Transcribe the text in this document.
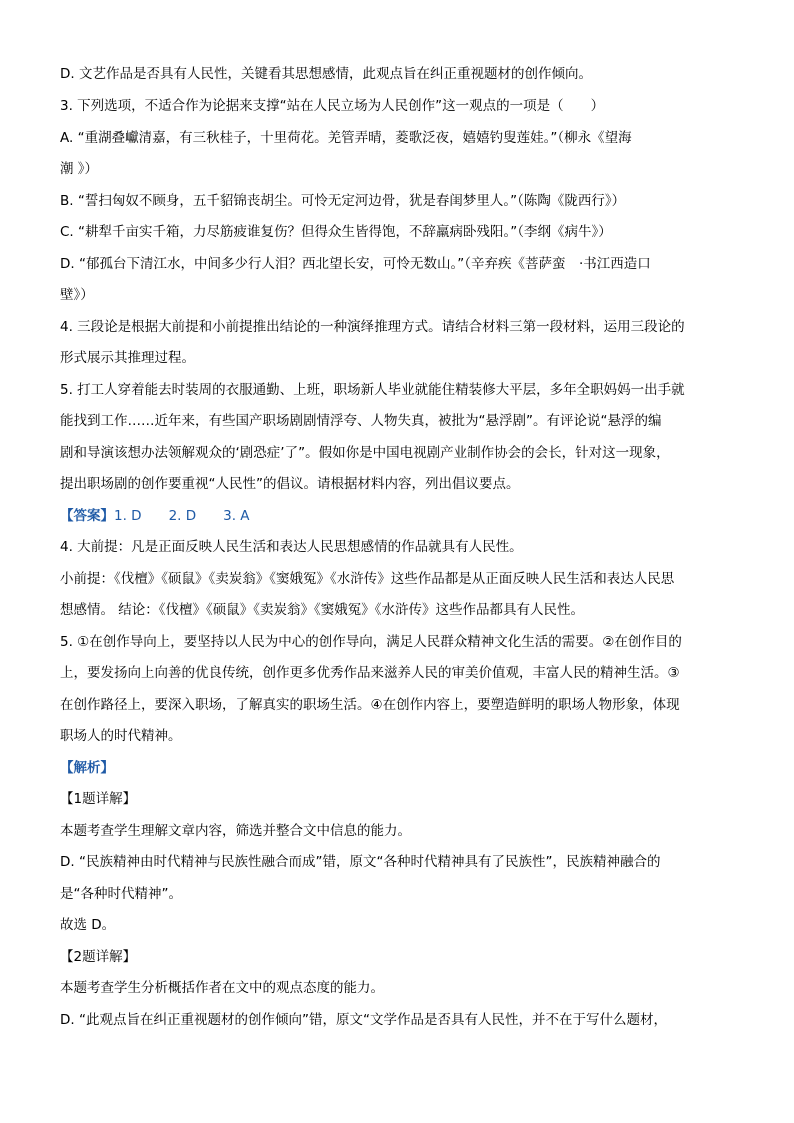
D. 文艺作品是否具有人民性，关键看其思想感情，此观点旨在纠正重视题材的创作倾向。
3. 下列选项，不适合作为论据来支撑“站在人民立场为人民创作”这一观点的一项是（　　）
A. “重湖叠巘清嘉，有三秋桂子，十里荷花。羌管弄晴，菱歌泛夜，嬉嬉钓叟莲娃。”（柳永《望海
潮 》）
B. “誓扫匈奴不顾身，五千貂锦丧胡尘。可怜无定河边骨，犹是春闺梦里人。”（陈陶《陇西行》）
C. “耕犁千亩实千箱，力尽筋疲谁复伤？但得众生皆得饱，不辞羸病卧残阳。”（李纲《病牛》）
D. “郁孤台下清江水，中间多少行人泪？西北望长安，可怜无数山。”（辛弃疾《菩萨蛮　·书江西造口
壁》）
4. 三段论是根据大前提和小前提推出结论的一种演绎推理方式。请结合材料三第一段材料，运用三段论的
形式展示其推理过程。
5. 打工人穿着能去时装周的衣服通勤、上班，职场新人毕业就能住精装修大平层，多年全职妈妈一出手就
能找到工作……近年来，有些国产职场剧剧情浮夸、人物失真，被批为“悬浮剧”。有评论说“悬浮的编
剧和导演该想办法领解观众的‘剧恐症’了”。假如你是中国电视剧产业制作协会的会长，针对这一现象，
提出职场剧的创作要重视“人民性”的倡议。请根据材料内容，列出倡议要点。
【答案】1. D　　2. D　　3. A
4. 大前提：凡是正面反映人民生活和表达人民思想感情的作品就具有人民性。
小前提：《伐檀》《硕鼠》《卖炭翁》《窦娥冤》《水浒传》这些作品都是从正面反映人民生活和表达人民思
想感情。 结论：《伐檀》《硕鼠》《卖炭翁》《窦娥冤》《水浒传》这些作品都具有人民性。
5. ①在创作导向上，要坚持以人民为中心的创作导向，满足人民群众精神文化生活的需要。②在创作目的
上，要发扬向上向善的优良传统，创作更多优秀作品来滋养人民的审美价值观，丰富人民的精神生活。③
在创作路径上，要深入职场，了解真实的职场生活。④在创作内容上，要塑造鲜明的职场人物形象，体现
职场人的时代精神。
【解析】
【1题详解】
本题考查学生理解文章内容，筛选并整合文中信息的能力。
D. “民族精神由时代精神与民族性融合而成”错，原文“各种时代精神具有了民族性”，民族精神融合的
是“各种时代精神”。
故选 D。
【2题详解】
本题考查学生分析概括作者在文中的观点态度的能力。
D. “此观点旨在纠正重视题材的创作倾向”错，原文“文学作品是否具有人民性，并不在于写什么题材，
